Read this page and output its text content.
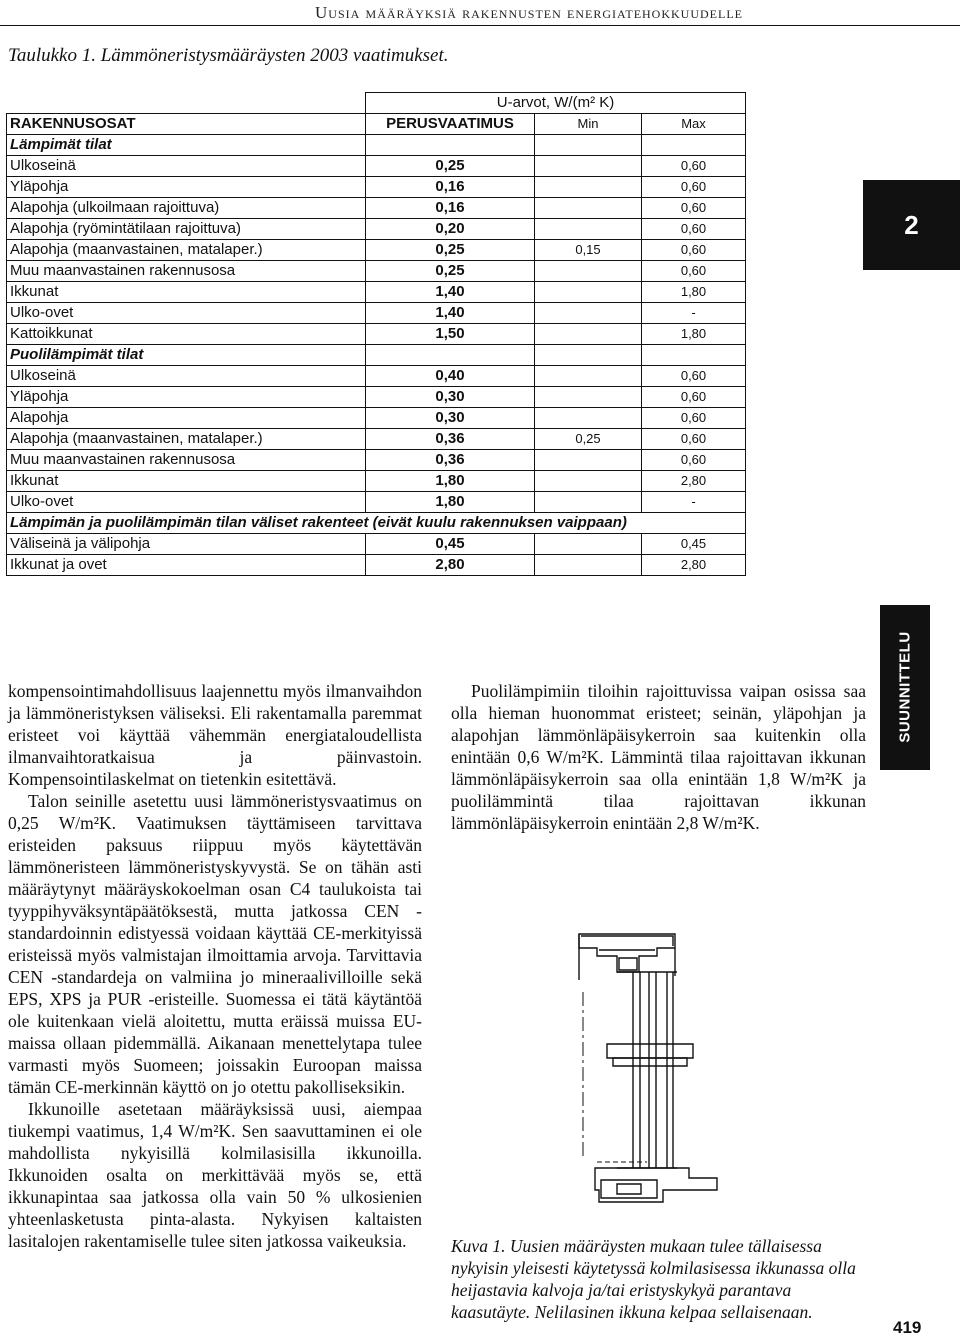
Uusia määräyksiä rakennusten energiatehokkuudelle
Taulukko 1. Lämmöneristysmääräysten 2003 vaatimukset.
	U-arvot, W/(m² K)		
RAKENNUSOSAT	PERUSVAATIMUS	Min	Max
Lämpimät tilat			
Ulkoseinä	0,25		0,60
Yläpohja	0,16		0,60
Alapohja (ulkoilmaan rajoittuva)	0,16		0,60
Alapohja (ryömintätilaan rajoittuva)	0,20		0,60
Alapohja (maanvastainen, matalaper.)	0,25	0,15	0,60
Muu maanvastainen rakennusosa	0,25		0,60
Ikkunat	1,40		1,80
Ulko-ovet	1,40		-
Kattoikkunat	1,50		1,80
Puolilämpimät tilat			
Ulkoseinä	0,40		0,60
Yläpohja	0,30		0,60
Alapohja	0,30		0,60
Alapohja (maanvastainen, matalaper.)	0,36	0,25	0,60
Muu maanvastainen rakennusosa	0,36		0,60
Ikkunat	1,80		2,80
Ulko-ovet	1,80		-
Lämpimän ja puolilämpimän tilan väliset rakenteet (eivät kuulu rakennuksen vaippaan)			
Väliseinä ja välipohja	0,45		0,45
Ikkunat ja ovet	2,80		2,80
2
SUUNNITTELU

kompensointimahdollisuus laajennettu myös ilmanvaihdon ja lämmöneristyksen väliseksi. Eli rakentamalla paremmat eristeet voi käyttää vähemmän energiataloudellista ilmanvaihtoratkaisua ja päinvastoin. Kompensointilaskelmat on tietenkin esitettävä.

Talon seinille asetettu uusi lämmöneristysvaatimus on 0,25 W/m²K. Vaatimuksen täyttämiseen tarvittava eristeiden paksuus riippuu myös käytettävän lämmöneristeen lämmöneristyskyvystä. Se on tähän asti määräytynyt määräyskokoelman osan C4 taulukoista tai tyyppihyväksyntäpäätöksestä, mutta jatkossa CEN -standardoinnin edistyessä voidaan käyttää CE-merkityissä eristeissä myös valmistajan ilmoittamia arvoja. Tarvittavia CEN -standardeja on valmiina jo mineraalivilloille sekä EPS, XPS ja PUR -eristeille. Suomessa ei tätä käytäntöä ole kuitenkaan vielä aloitettu, mutta eräissä muissa EU-maissa ollaan pidemmällä. Aikanaan menettelytapa tulee varmasti myös Suomeen; joissakin Euroopan maissa tämän CE-merkinnän käyttö on jo otettu pakolliseksikin.

Ikkunoille asetetaan määräyksissä uusi, aiempaa tiukempi vaatimus, 1,4 W/m²K. Sen saavuttaminen ei ole mahdollista nykyisillä kolmilasisilla ikkunoilla. Ikkunoiden osalta on merkittävää myös se, että ikkunapintaa saa jatkossa olla vain 50 % ulkosienien yhteenlasketusta pinta-alasta. Nykyisen kaltaisten lasitalojen rakentamiselle tulee siten jatkossa vaikeuksia.

Puolilämpimiin tiloihin rajoittuvissa vaipan osissa saa olla hieman huonommat eristeet; seinän, yläpohjan ja alapohjan lämmönläpäisykerroin saa kuitenkin olla enintään 0,6 W/m²K. Lämmintä tilaa rajoittavan ikkunan lämmönläpäisykerroin saa olla enintään 1,8 W/m²K ja puolilämmintä tilaa rajoittavan ikkunan lämmönläpäisykerroin enintään 2,8 W/m²K.

Kuva 1. Uusien määräysten mukaan tulee tällaisessa nykyisin yleisesti käytetyssä kolmilasisessa ikkunassa olla heijastavia kalvoja ja/tai eristyskykyä parantava kaasutäyte. Nelilasinen ikkuna kelpaa sellaisenaan.
419
